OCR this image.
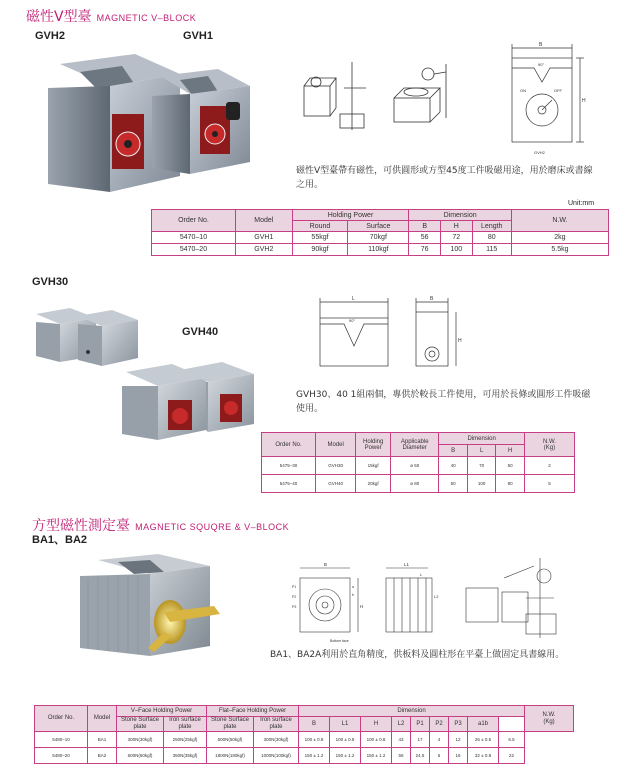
磁性V型臺 MAGNETIC V–BLOCK
GVH2	GVH1
B
H
90°
ON	OFF
GVH2
磁性V型臺帶有磁性，可供圓形或方型45度工件吸磁用途，用於磨床或書線之用。
Unit:mm
Order No.	Model	Holding Power		Dimension			N.W.
		Round	Surface	B	H	Length	
5470–10	GVH1	55kgf	70kgf	56	72	80	2kg
5470–20	GVH2	90kgf	110kgf	76	100	115	5.5kg
GVH30
GVH40
L
90°
B
H
GVH30、40 1組兩個，專供於較長工件使用，可用於長條或圓形工件吸磁使用。
Order No.	Model	Holding Power	Applicable Diameter	Dimension			N.W.
(Kg)

				B	L	H	
5475–30	GVH30	15kgf	ø 50	40	70	50	2
5475–40	GVH40	20kgf	ø 80	50	100	80	5
方型磁性測定臺 MAGNETIC SQUQRE & V–BLOCK
BA1、BA2
B
H
L1
L
L2
P1
P2
P3
a
b
Bottom face
BA1、BA2A利用於直角精度，供板料及圓柱形在平臺上做固定具書線用。
Order No.	Model	V–Face Holding Power		Flat–Face Holding Power		Dimension									N.W.
(Kg)

		Stone Surface plate	Iron surface plate	Stone Surface plate	Iron surface plate	B	L1	H	L2	P1	P2	P3	a1b		
5480–10	BA1	300N(30kgf)	250N(25kgf)	500N(50kgf)	300N(30kgf)	100 ± 0.8	100 ± 0.8	100 ± 0.8	43	17	4	12	26 ± 0.5	6.5	
5480–20	BA2	600N(60kgf)	350N(35kgf)	1800N(180kgf)	1000N(100kgf)	150 ± 1.2	150 ± 1.2	150 ± 1.2	56	24.5	5	16	32 ± 0.8	22	
